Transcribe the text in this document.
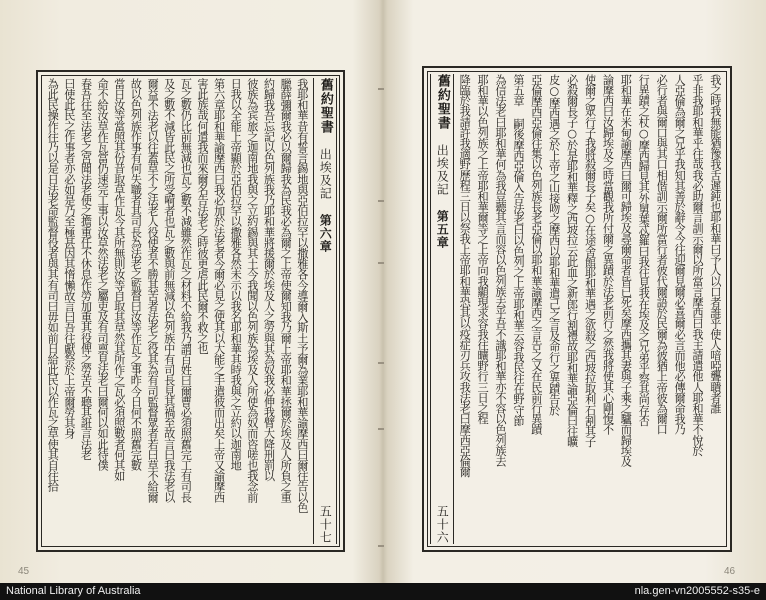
我耶和華昔有誓言錫地與亞伯拉罕以撒雅各今導爾入斯土予爾為業耶和華諭摩西曰爾往告以色
臘薛彌爾我必以爾歸我為民我必為爾之上帝使爾知我乃爾上帝耶和華拯爾於埃及人所負之重
約歸我吾忘記以色列族我乃耶和華將援爾於埃及人之勞與其為奴我必伸我臂大降刑罰以
彼族為宾旅之迦南地我與之立約錫與其土今我聞以色列族為埃及人所使為奴而咨嗟也我念前
日我以全能上帝顯於亞伯拉罕以撒雅各然未示以我名耶和華其時我與之立約以迦南地
第六章耶和華諭摩西曰我必加於法老者今爾必見之使其以大能之手遣彼而出矣上帝又諭摩西
害此族哉何遣我而來爾名告法老之時彼更虐此民爾不救之也
瓦之數仍比前無減也瓦之數不減雖然作瓦之材料不給我乃謂百姓曰爾曹必須照舊完工有司長
及之數不減皆此民之所受嗬者也瓦之數與前無減以色列族中有司長見其禍至故言曰我法老以
爾益不法老以往蓋草不之法老人役使者不勝其苦者法老之役其為有司監督眾者若曰草不給爾
故以色列族作事有何失職者其司長為法老之監督曰汝等作瓦之事昨今日何不照舊完數
當日汝等當照其份昔取草作瓦今其所無則汝等自取其草然其所作之瓦必須照數者何其如
命不給汝草作瓦當仍速完工事以汝草然法老之屬吏及有司禀見法老曰爾何以如此待僕
春吾往至法老之宮聞法老使之擔重任不休息作勞加重其役俾之勞苦不聽其誑言法老
曰使此民之作事者亦必如是乃至極甚因其惰懶故言曰吾往獻祭於上帝爾勞其身
為此民操作往乃以是日法老命監督役者與其有司曰毋如前日給此民以作瓦之草使其自往拾	舊約聖書
出埃及記
第六章
五十七
舊約聖書
出埃及記
第五章
五十六
我之時我無能猶豫我舌遲鈍也耶和華曰予人以口者誰乎使人喑啞聾聵者誰
乎非我耶和華乎往哉我必助爾言訓示爾以所當言摩西曰我主請遣他人耶和華不悅於
人亞倫為爾之兄乎我知其善於辭令今往迎爾見爾必喜爾必言而他必傳爾命我乃
必行者與爾口與其口相偕訓示爾所當行者彼代爾語於民爾為彼猶上帝彼為爾口
行異蹟之杖○摩西歸見其外舅葉忒羅曰我往見我在埃及之兄弟乎察其尚存否
耶和華在米甸諭摩西曰爾可歸埃及尋爾命者皆已死矣摩西攜其妻與子乘之驢而歸埃及
論摩西曰汝歸埃及之時當觀我所付爾之異蹟於法老前行之然我將使其心剛愎不
使爾之眾行子我將殺爾長子矣○在途舍館耶和華遇之欲殺之西坡拉取利石割其子
必殺爾長子○於是耶和華釋之西坡拉云此血之新郎行割禮故耶和華諭亞倫曰往曠
皮○摩西遇之於上帝之山接吻之摩西以耶和華遣己之言及命行之異蹟告於
亞倫摩西亞倫往集以色列族長老亞倫以耶和華諭摩西之言告之又在民前行異蹟
第五章 嗣後摩西亞倫入告法老曰以色列之上帝耶和華云容我民往在野守節
為信法老曰耶和華何為我豈聽其言而容以色列族去乎吾不識耶和華亦不容以色列族去
耶和華以色列族之上帝耶和華爾等之上帝向我顯現求容我往曠野行三日之程
降臨於我請許我適野歷程三日以祭我上帝耶和華恐其以疫症刃兵攻我法老曰摩西亞倫爾
45	46
National Library of Australia	nla.gen-vn2005552-s35-e
